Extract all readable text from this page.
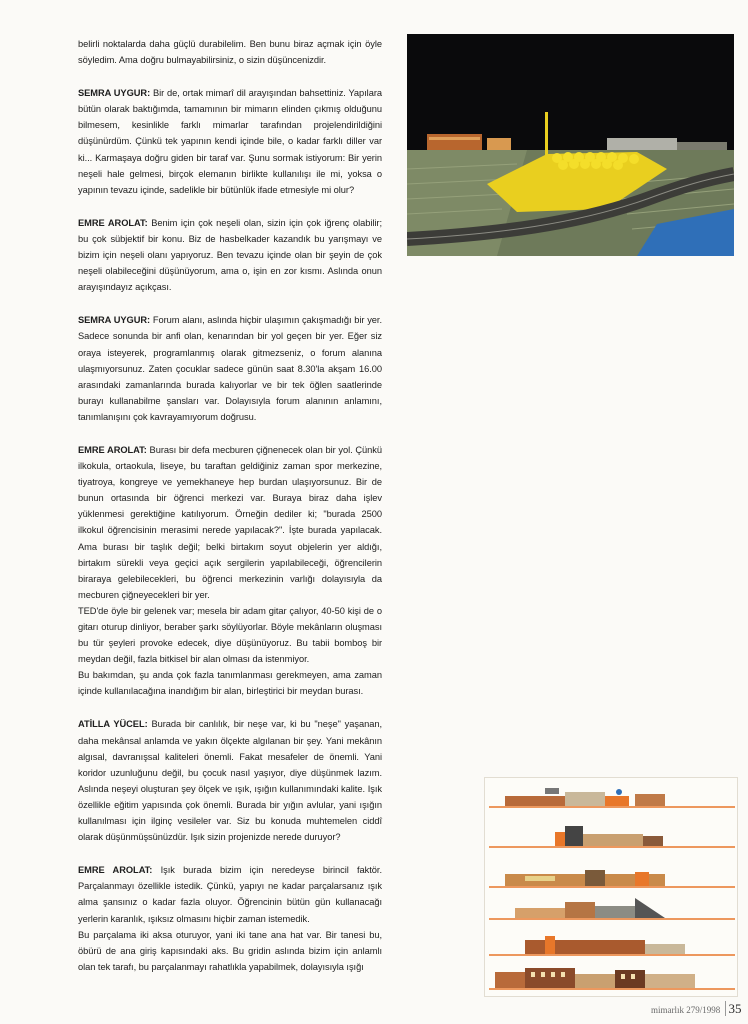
belirli noktalarda daha güçlü durabilelim. Ben bunu biraz açmak için öyle söyledim. Ama doğru bulmayabilirsiniz, o sizin düşüncenizdir.

SEMRA UYGUR: Bir de, ortak mimarî dil arayışından bahsettiniz. Yapılara bütün olarak baktığımda, tamamının bir mimarın elinden çıkmış olduğunu bilmesem, kesinlikle farklı mimarlar tarafından projelendirildiğini düşünürdüm. Çünkü tek yapının kendi içinde bile, o kadar farklı diller var ki... Karmaşaya doğru giden bir taraf var. Şunu sormak istiyorum: Bir yerin neşeli hale gelmesi, birçok elemanın birlikte kullanılışı ile mi, yoksa o yapının tevazu içinde, sadelikle bir bütünlük ifade etmesiyle mi olur?

EMRE AROLAT: Benim için çok neşeli olan, sizin için çok iğrenç olabilir; bu çok sübjektif bir konu. Biz de hasbelkader kazandık bu yarışmayı ve bizim için neşeli olanı yapıyoruz. Ben tevazu içinde olan bir şeyin de çok neşeli olabileceğini düşünüyorum, ama o, işin en zor kısmı. Aslında onun arayışındayız açıkçası.

SEMRA UYGUR: Forum alanı, aslında hiçbir ulaşımın çakışmadığı bir yer. Sadece sonunda bir anfi olan, kenarından bir yol geçen bir yer. Eğer siz oraya isteyerek, programlanmış olarak gitmezseniz, o forum alanına ulaşmıyorsunuz. Zaten çocuklar sadece günün saat 8.30'la akşam 16.00 arasındaki zamanlarında burada kalıyorlar ve bir tek öğlen saatlerinde burayı kullanabilme şansları var. Dolayısıyla forum alanının anlamını, tanımlanışını çok kavrayamıyorum doğrusu.

EMRE AROLAT: Burası bir defa mecburen çiğnenecek olan bir yol. Çünkü ilkokula, ortaokula, liseye, bu taraftan geldiğiniz zaman spor merkezine, tiyatroya, kongreye ve yemekhaneye hep burdan ulaşıyorsunuz. Bir de bunun ortasında bir öğrenci merkezi var. Buraya biraz daha işlev yüklenmesi gerektiğine katılıyorum. Örneğin dediler ki; "burada 2500 ilkokul öğrencisinin merasimi nerede yapılacak?". İşte burada yapılacak. Ama burası bir taşlık değil; belki birtakım soyut objelerin yer aldığı, birtakım sürekli veya geçici açık sergilerin yapılabileceği, öğrencilerin biraraya gelebilecekleri, bu öğrenci merkezinin varlığı dolayısıyla da mecburen çiğneyecekleri bir yer.

TED'de öyle bir gelenek var; mesela bir adam gitar çalıyor, 40-50 kişi de o gitarı oturup dinliyor, beraber şarkı söylüyorlar. Böyle mekânların oluşması bu tür şeyleri provoke edecek, diye düşünüyoruz. Bu tabii bomboş bir meydan değil, fazla bitkisel bir alan olması da istenmiyor.

Bu bakımdan, şu anda çok fazla tanımlanması gerekmeyen, ama zaman içinde kullanılacağına inandığım bir alan, birleştirici bir meydan burası.

ATİLLA YÜCEL: Burada bir canlılık, bir neşe var, ki bu "neşe" yaşanan, daha mekânsal anlamda ve yakın ölçekte algılanan bir şey. Yani mekânın algısal, davranışsal kaliteleri önemli. Fakat mesafeler de önemli. Yani koridor uzunluğunu değil, bu çocuk nasıl yaşıyor, diye düşünmek lazım. Aslında neşeyi oluşturan şey ölçek ve ışık, ışığın kullanımındaki kalite. Işık özellikle eğitim yapısında çok önemli. Burada bir yığın avlular, yani ışığın kullanılması için ilginç vesileler var. Siz bu konuda muhtemelen ciddî olarak düşünmüşsünüzdür. Işık sizin projenizde nerede duruyor?

EMRE AROLAT: Işık burada bizim için neredeyse birincil faktör. Parçalanmayı özellikle istedik. Çünkü, yapıyı ne kadar parçalarsanız ışık alma şansınız o kadar fazla oluyor. Öğrencinin bütün gün kullanacağı yerlerin karanlık, ışıksız olmasını hiçbir zaman istemedik.

Bu parçalama iki aksa oturuyor, yani iki tane ana hat var. Bir tanesi bu, öbürü de ana giriş kapısındaki aks. Bu gridin aslında bizim için anlamlı olan tek tarafı, bu parçalanmayı rahatlıkla yapabilmek, dolayısıyla ışığı

mimarlık 279/1998 35
